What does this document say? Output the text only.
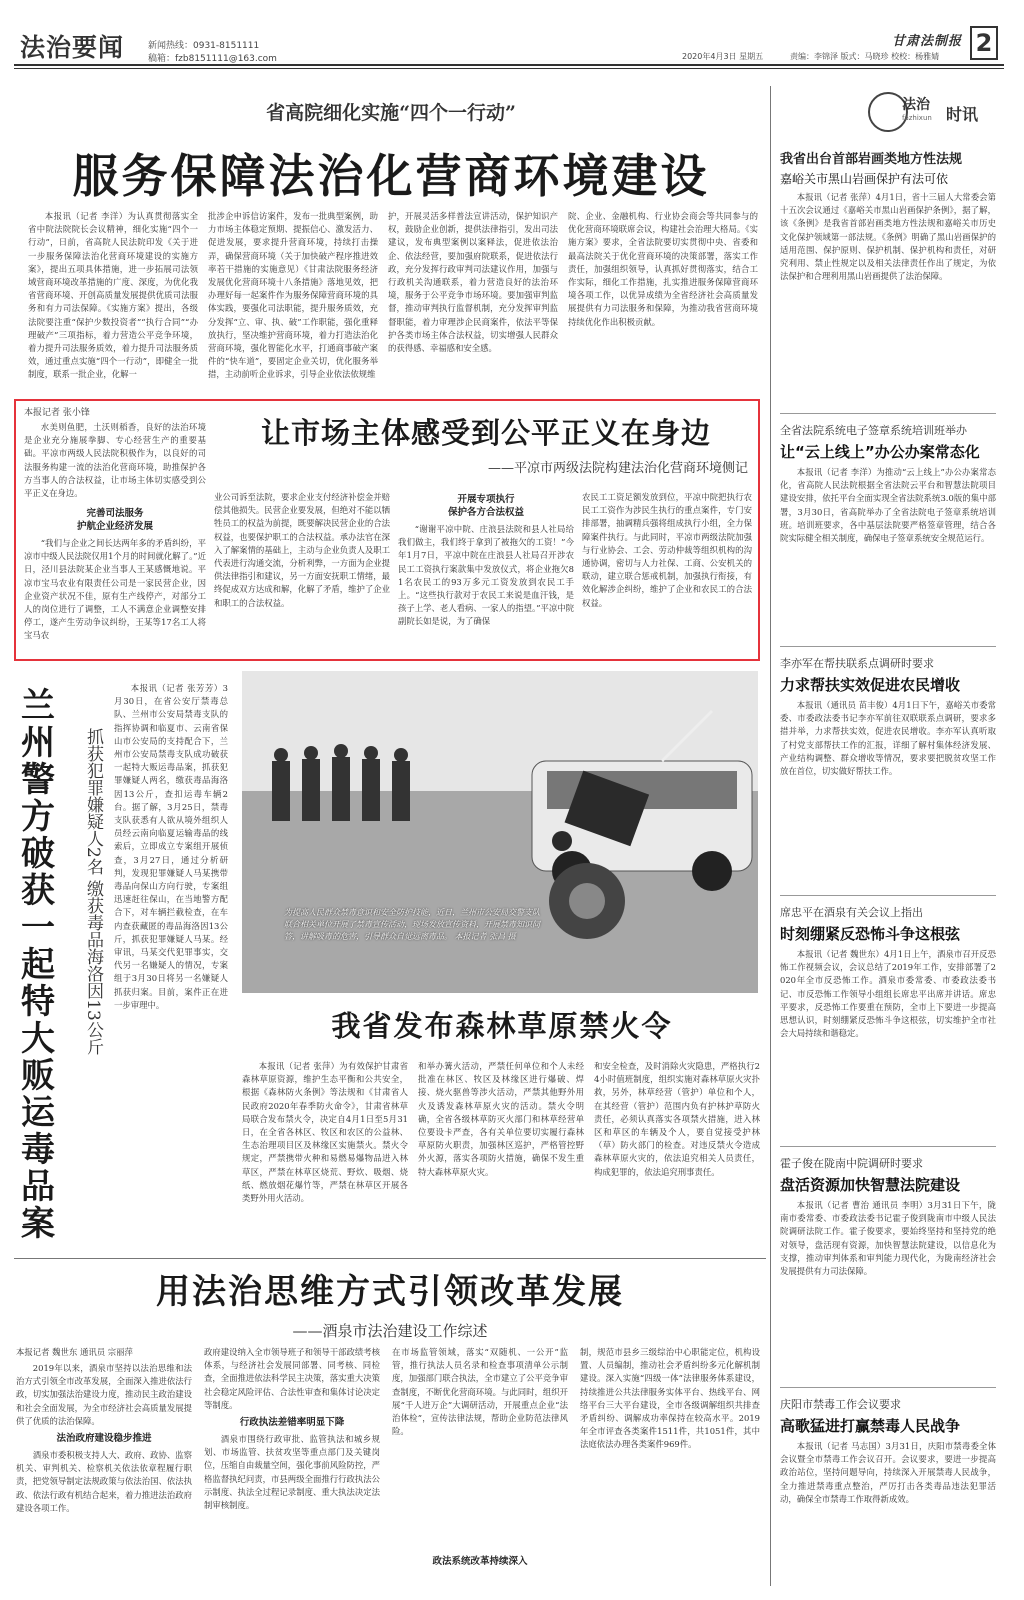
法治要闻	新闻热线：0931-8151111
稿箱：fzb8151111@163.com	2020年4月3日 星期五	责编：李锦泽 版式：马晓珍 校校：杨雅婧
甘肃法制报 2
省高院细化实施“四个一行动”
服务保障法治化营商环境建设

本报讯（记者 李洋）为认真贯彻落实全省中院法院院长会议精神，细化实施“四个一行动”，日前，省高院人民法院印发《关于进一步服务保障法治化营商环境建设的实施方案》，提出五项具体措施，进一步拓展司法领域营商环境改革措施的广度、深度，为优化我省营商环境、开创高质量发展提供优质司法服务和有力司法保障。《实施方案》提出，各级法院要注重“保护少数投资者”“执行合同”“办理破产”三项指标，着力营造公平竞争环境，着力提升司法服务质效，着力提升司法服务质效，通过重点实施“四个一行动”，即健全一批制度，联系一批企业，化解一

批涉企申诉信访案件，发布一批典型案例，助力市场主体稳定预期、提振信心、激发活力、促进发展，要求提升营商环境，持续打击操弄，确保营商环境（关于加快破产程序推进效率若干措施的实施意见）《甘肃法院服务经济发展优化营商环境十八条措施》落地见效，把办理好每一起案件作为服务保障营商环境的具体实践，要强化司法职能，提升服务质效，充分发挥“立、审、执、破”工作职能，强化重释放执行，坚决维护营商环境，着力打造法治化营商环境，强化智能化水平，打通商事破产案件的“快车道”，要固定企业关切，优化服务举措，主动前听企业诉求，引导企业依法依规维

护，开展灵活多样普法宣讲活动，保护知识产权，鼓励企业创新，提供法律指引，发出司法建议，发布典型案例以案释法，促进依法治企、依法经营，要加强府院联系，促进依法行政，充分发挥行政审判司法建议作用，加强与行政机关沟通联系，着力营造良好的法治环境，服务于公平竞争市场环境。要加强审判监督，推动审判执行监督机制，充分发挥审判监督职能，着力审理涉企民商案件，依法平等保护各类市场主体合法权益，切实增强人民群众的获得感、幸福感和安全感。

院、企业、金融机构、行业协会商会等共同参与的优化营商环境联席会议，构建社会治理大格局。《实施方案》要求，全省法院要切实贯彻中央、省委和最高法院关于优化营商环境的决策部署，落实工作责任，加强组织领导，认真抓好贯彻落实，结合工作实际，细化工作措施，扎实推进服务保障营商环境各项工作，以优异成绩为全省经济社会高质量发展提供有力司法服务和保障，为推动我省营商环境持续优化作出积极贡献。

本报记者 张小锋
让市场主体感受到公平正义在身边
——平凉市两级法院构建法治化营商环境侧记

水美则鱼肥，土沃则稻香，良好的法治环境是企业充分施展拳脚、专心经营生产的重要基础。平凉市两级人民法院积极作为，以良好的司法服务构建一流的法治化营商环境，助推保护各方当事人的合法权益，让市场主体切实感受到公平正义在身边。

完善司法服务
护航企业经济发展

“我们与企业之间长达两年多的矛盾纠纷，平凉市中级人民法院仅用1个月的时间就化解了。”近日，泾川县法院某企业当事人王某感慨地说。平凉市宝马农业有限责任公司是一家民营企业，因企业资产状况不佳，原有生产线停产，对部分工人的岗位进行了调整，工人不满意企业调整安排停工，遂产生劳动争议纠纷，王某等17名工人将宝马农

业公司诉至法院，要求企业支付经济补偿金并赔偿其他损失。民营企业要发展，但绝对不能以牺牲员工的权益为前提，既要解决民营企业的合法权益，也要保护职工的合法权益。承办法官在深入了解案情的基础上，主动与企业负责人及职工代表进行沟通交流，分析利弊，一方面为企业提供法律指引和建议，另一方面安抚职工情绪，最终促成双方达成和解，化解了矛盾，维护了企业和职工的合法权益。

开展专项执行
保护各方合法权益

“谢谢平凉中院、庄浪县法院和县人社局给我们做主，我们终于拿到了被拖欠的工资！”今年1月7日，平凉中院在庄浪县人社局召开涉农民工工资执行案款集中发放仪式，将企业拖欠81名农民工的93万多元工资发放到农民工手上。“这些执行款对于农民工来说是血汗钱，是孩子上学、老人看病、一家人的指望。”平凉中院副院长如是说，为了确保

农民工工资足额发放到位，平凉中院把执行农民工工资作为涉民生执行的重点案件，专门安排部署，抽调精兵强将组成执行小组，全力保障案件执行。与此同时，平凉市两级法院加强与行业协会、工会、劳动仲裁等组织机构的沟通协调，密切与人力社保、工商、公安机关的联动，建立联合惩戒机制，加强执行衔接，有效化解涉企纠纷，维护了企业和农民工的合法权益。

兰州警方破获一起特大贩运毒品案
抓获犯罪嫌疑人2名 缴获毒品海洛因13公斤

本报讯（记者 张芳芳）3月30日，在省公安厅禁毒总队、兰州市公安局禁毒支队的指挥协调和临夏市、云南省保山市公安局的支持配合下，兰州市公安局禁毒支队成功破获一起特大贩运毒品案，抓获犯罪嫌疑人两名，缴获毒品海洛因13公斤，查扣运毒车辆2台。据了解，3月25日，禁毒支队获悉有人欲从境外组织人员经云南向临夏运输毒品的线索后，立即成立专案组开展侦查，3月27日，通过分析研判，发现犯罪嫌疑人马某携带毒品向保山方向行驶，专案组迅速赶往保山，在当地警方配合下，对车辆拦截检查，在车内查获藏匿的毒品海洛因13公斤，抓获犯罪嫌疑人马某。经审讯，马某交代犯罪事实，交代另一名嫌疑人的情况，专案组于3月30日将另一名嫌疑人抓获归案。目前，案件正在进一步审理中。

为提高人民群众禁毒意识和安全防护技能，近日，兰州市公安局交警支队联合相关单位开展了禁毒宣传活动，现场发放宣传资料，开展禁毒知识问答，讲解吸毒的危害，引导群众自觉远离毒品。 本报记者 张昌 摄
我省发布森林草原禁火令

本报讯（记者 张萍）为有效保护甘肃省森林草原资源，维护生态平衡和公共安全，根据《森林防火条例》等法规和《甘肃省人民政府2020年春季防火命令》，甘肃省林草局联合发布禁火令，决定自4月1日至5月31日，在全省各林区、牧区和农区的公益林、生态治理项目区及林缘区实施禁火。禁火令规定，严禁携带火种和易燃易爆物品进入林草区，严禁在林草区烧荒、野炊、吸烟、烧纸、燃放烟花爆竹等，严禁在林草区开展各类野外用火活动。

和举办篝火活动，严禁任何单位和个人未经批准在林区、牧区及林缘区进行爆破、焊接、烧火驱兽等涉火活动，严禁其他野外用火及诱发森林草原火灾的活动。禁火令明确，全省各级林草防灭火部门和林草经营单位要设卡严查，各有关单位要切实履行森林草原防火职责，加强林区巡护，严格管控野外火源，落实各项防火措施，确保不发生重特大森林草原火灾。

和安全检查，及时消除火灾隐患，严格执行24小时值班制度，组织实施对森林草原火灾扑救，另外，林草经营（管护）单位和个人，在其经营（管护）范围内负有护林护草防火责任，必须认真落实各项禁火措施，进入林区和草区的车辆及个人，要自觉接受护林（草）防火部门的检查。对违反禁火令造成森林草原火灾的，依法追究相关人员责任，构成犯罪的，依法追究刑事责任。

用法治思维方式引领改革发展
——酒泉市法治建设工作综述
本报记者 魏世东 通讯员 宗丽萍

2019年以来，酒泉市坚持以法治思维和法治方式引领全市改革发展，全面深入推进依法行政，切实加强法治建设力度，推动民主政治建设和社会全面发展，为全市经济社会高质量发展提供了优质的法治保障。

法治政府建设稳步推进

酒泉市委积极支持人大、政府、政协、监察机关、审判机关、检察机关依法依章程履行职责，把党领导制定法规政策与依法治国、依法执政、依法行政有机结合起来，着力推进法治政府建设各项工作。

政府建设纳入全市领导班子和领导干部政绩考核体系，与经济社会发展同部署、同考核、同检查，全面推进依法科学民主决策，落实重大决策社会稳定风险评估、合法性审查和集体讨论决定等制度。

行政执法差错率明显下降

酒泉市围绕行政审批、监管执法和城乡规划、市场监管、扶贫攻坚等重点部门及关键岗位，压缩自由裁量空间，强化事前风险防控，严格监督执纪问责，市县两级全面推行行政执法公示制度、执法全过程记录制度、重大执法决定法制审核制度。

在市场监管领域，落实“双随机、一公开”监管，推行执法人员名录和检查事项清单公示制度，加强部门联合执法，全市建立了公平竞争审查制度，不断优化营商环境。与此同时，组织开展“千人进万企”大调研活动，开展重点企业“法治体检”，宣传法律法规，帮助企业防范法律风险。

政法系统改革持续深入

制，规范市县乡三级综治中心职能定位，机构设置、人员编制，推动社会矛盾纠纷多元化解机制建设。深入实施“四级一体”法律服务体系建设，持续推进公共法律服务实体平台、热线平台、网络平台三大平台建设，全市各级调解组织共排查矛盾纠纷、调解成功率保持在较高水平。2019年全市评查各类案件1511件，共1051件，其中法庭依法办理各类案件969件。

法治
fazhixun 时讯
我省出台首部岩画类地方性法规
嘉峪关市黑山岩画保护有法可依

本报讯（记者 张萍）4月1日，省十三届人大常委会第十五次会议通过《嘉峪关市黑山岩画保护条例》，据了解，该《条例》是我省首部岩画类地方性法规和嘉峪关市历史文化保护领域第一部法规。《条例》明确了黑山岩画保护的适用范围、保护原则、保护机制、保护机构和责任，对研究利用、禁止性规定以及相关法律责任作出了规定，为依法保护和合理利用黑山岩画提供了法治保障。

全省法院系统电子签章系统培训班举办
让“云上线上”办公办案常态化

本报讯（记者 李洋）为推动“云上线上”办公办案常态化，省高院人民法院根据全省法院云平台和智慧法院项目建设安排，依托平台全面实现全省法院系统3.0版的集中部署，3月30日，省高院举办了全省法院电子签章系统培训班。培训班要求，各中基层法院要严格签章管理，结合各院实际健全相关制度，确保电子签章系统安全规范运行。

李亦军在帮扶联系点调研时要求
力求帮扶实效促进农民增收

本报讯（通讯员 苗丰俊）4月1日下午，嘉峪关市委常委、市委政法委书记李亦军前往双联联系点调研，要求多措并举，力求帮扶实效，促进农民增收。李亦军认真听取了村党支部帮扶工作的汇报，详细了解村集体经济发展、产业结构调整、群众增收等情况，要求要把脱贫攻坚工作放在首位，切实做好帮扶工作。

席忠平在酒泉有关会议上指出
时刻绷紧反恐怖斗争这根弦

本报讯（记者 魏世东）4月1日上午，酒泉市召开反恐怖工作视频会议，会议总结了2019年工作，安排部署了2020年全市反恐怖工作。酒泉市委常委、市委政法委书记、市反恐怖工作领导小组组长席忠平出席并讲话。席忠平要求，反恐怖工作要重在预防，全市上下要进一步提高思想认识，时刻绷紧反恐怖斗争这根弦，切实维护全市社会大局持续和谐稳定。

霍子俊在陇南中院调研时要求
盘活资源加快智慧法院建设

本报讯（记者 曹治 通讯员 李明）3月31日下午，陇南市委常委、市委政法委书记霍子俊到陇南市中级人民法院调研法院工作。霍子俊要求，要始终坚持和坚持党的绝对领导，盘活现有资源，加快智慧法院建设，以信息化为支撑，推动审判体系和审判能力现代化，为陇南经济社会发展提供有力司法保障。

庆阳市禁毒工作会议要求
高歌猛进打赢禁毒人民战争

本报讯（记者 马志国）3月31日，庆阳市禁毒委全体会议暨全市禁毒工作会议召开。会议要求，要进一步提高政治站位，坚持问题导向，持续深入开展禁毒人民战争，全力推进禁毒重点整治，严厉打击各类毒品违法犯罪活动，确保全市禁毒工作取得新成效。
